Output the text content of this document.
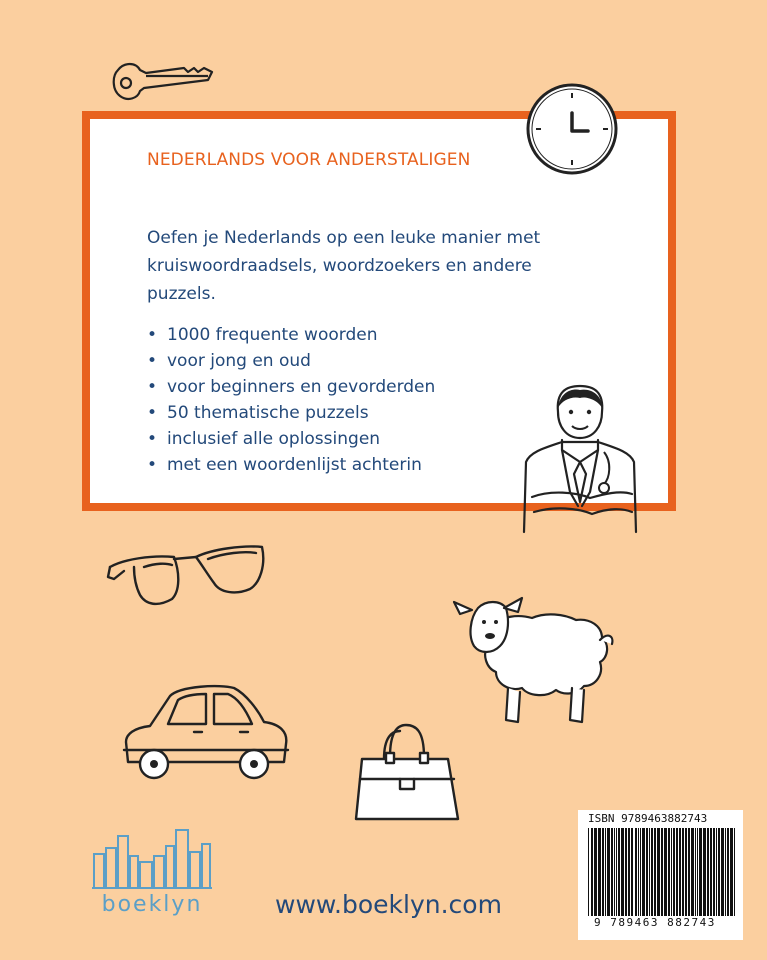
NEDERLANDS VOOR ANDERSTALIGEN
Oefen je Nederlands op een leuke manier met kruiswoordraadsels, woordzoekers en andere puzzels.
• 1000 frequente woorden
• voor jong en oud
• voor beginners en gevorderden
• 50 thematische puzzels
• inclusief alle oplossingen
• met een woordenlijst achterin
boeklyn	www.boeklyn.com
ISBN 9789463882743
9 789463 882743
